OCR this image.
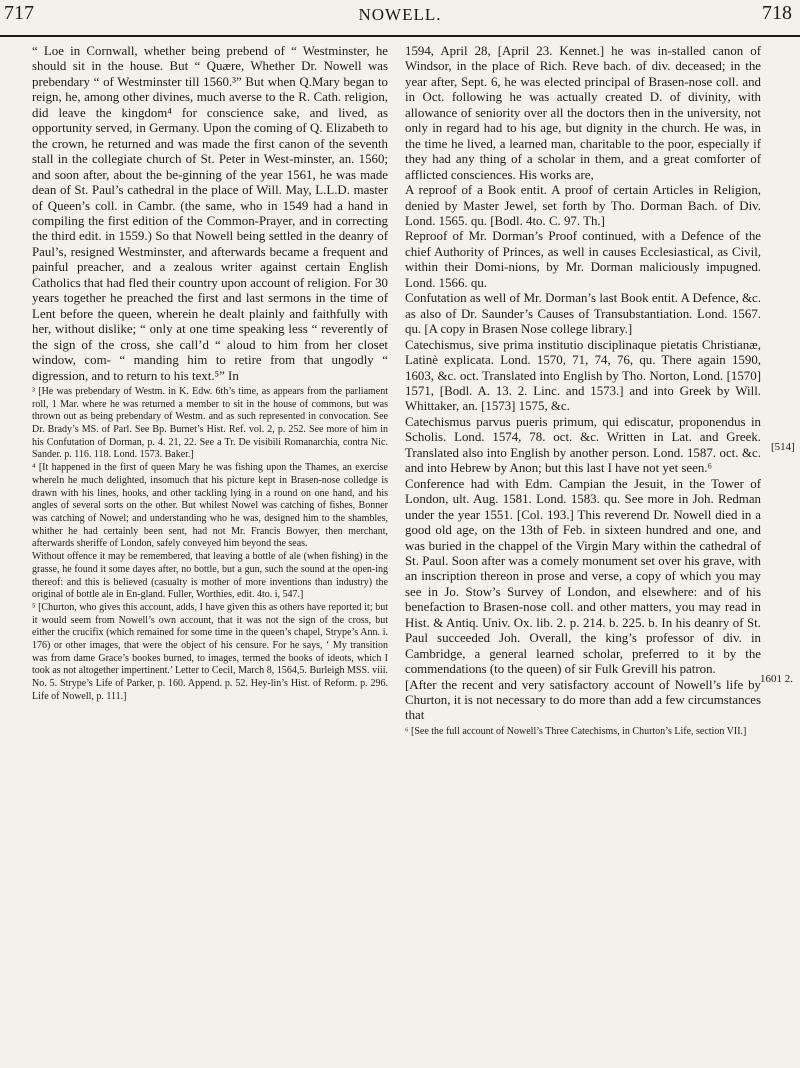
717	NOWELL.	718
[514]
1601 2.

“ Loe in Cornwall, whether being prebend of “ Westminster, he should sit in the house. But “ Quære, Whether Dr. Nowell was prebendary “ of Westminster till 1560.³” But when Q.Mary began to reign, he, among other divines, much averse to the R. Cath. religion, did leave the kingdom⁴ for conscience sake, and lived, as opportunity served, in Germany. Upon the coming of Q. Elizabeth to the crown, he returned and was made the first canon of the seventh stall in the collegiate church of St. Peter in West-minster, an. 1560; and soon after, about the be-ginning of the year 1561, he was made dean of St. Paul’s cathedral in the place of Will. May, L.L.D. master of Queen’s coll. in Cambr. (the same, who in 1549 had a hand in compiling the first edition of the Common-Prayer, and in correcting the third edit. in 1559.) So that Nowell being settled in the deanry of Paul’s, resigned Westminster, and afterwards became a frequent and painful preacher, and a zealous writer against certain English Catholics that had fled their country upon account of religion. For 30 years together he preached the first and last sermons in the time of Lent before the queen, wherein he dealt plainly and faithfully with her, without dislike; “ only at one time speaking less “ reverently of the sign of the cross, she call’d “ aloud to him from her closet window, com- “ manding him to retire from that ungodly “ digression, and to return to his text.⁵” In

³ [He was prebendary of Westm. in K. Edw. 6th’s time, as appears from the parliament roll, 1 Mar. where he was returned a member to sit in the house of commons, but was thrown out as being prebendary of Westm. and as such represented in convocation. See Dr. Brady’s MS. of Parl. See Bp. Burnet’s Hist. Ref. vol. 2, p. 252. See more of him in his Confutation of Dorman, p. 4. 21, 22. See a Tr. De visibili Romanarchia, contra Nic. Sander. p. 116. 118. Lond. 1573. Baker.]

⁴ [It happened in the first of queen Mary he was fishing upon the Thames, an exercise whereln he much delighted, insomuch that his picture kept in Brasen-nose colledge is drawn with his lines, hooks, and other tackling lying in a round on one hand, and his angles of several sorts on the other. But whilest Nowel was catching of fishes, Bonner was catching of Nowel; and understanding who he was, designed him to the shambles, whither he had certainly been sent, had not Mr. Francis Bowyer, then merchant, afterwards sheriffe of London, safely conveyed him beyond the seas.

Without offence it may be remembered, that leaving a bottle of ale (when fishing) in the grasse, he found it some dayes after, no bottle, but a gun, such the sound at the open-ing thereof: and this is believed (casualty is mother of more inventions than industry) the original of bottle ale in En-gland. Fuller, Worthies, edit. 4to. i, 547.]

⁵ [Churton, who gives this account, adds, I have given this as others have reported it; but it would seem from Nowell’s own account, that it was not the sign of the cross, but either the crucifix (which remained for some time in the queen’s chapel, Strype’s Ann. i. 176) or other images, that were the object of his censure. For he says, ‘ My transition was from dame Grace’s bookes burned, to images, termed the books of ideots, which I took as not altogether impertinent.’ Letter to Cecil, March 8, 1564,5. Burleigh MSS. viii. No. 5. Strype’s Life of Parker, p. 160. Append. p. 52. Hey-lin’s Hist. of Reform. p. 296. Life of Nowell, p. 111.]

1594, April 28, [April 23. Kennet.] he was in-stalled canon of Windsor, in the place of Rich. Reve bach. of div. deceased; in the year after, Sept. 6, he was elected principal of Brasen-nose coll. and in Oct. following he was actually created D. of divinity, with allowance of seniority over all the doctors then in the university, not only in regard had to his age, but dignity in the church. He was, in the time he lived, a learned man, charitable to the poor, especially if they had any thing of a scholar in them, and a great comforter of afflicted consciences. His works are,

A reproof of a Book entit. A proof of certain Articles in Religion, denied by Master Jewel, set forth by Tho. Dorman Bach. of Div. Lond. 1565. qu. [Bodl. 4to. C. 97. Th.]

Reproof of Mr. Dorman’s Proof continued, with a Defence of the chief Authority of Princes, as well in causes Ecclesiastical, as Civil, within their Domi-nions, by Mr. Dorman maliciously impugned. Lond. 1566. qu.

Confutation as well of Mr. Dorman’s last Book entit. A Defence, &c. as also of Dr. Saunder’s Causes of Transubstantiation. Lond. 1567. qu. [A copy in Brasen Nose college library.]

Catechismus, sive prima institutio disciplinaque pietatis Christianæ, Latinè explicata. Lond. 1570, 71, 74, 76, qu. There again 1590, 1603, &c. oct. Translated into English by Tho. Norton, Lond. [1570] 1571, [Bodl. A. 13. 2. Linc. and 1573.] and into Greek by Will. Whittaker, an. [1573] 1575, &c.

Catechismus parvus pueris primum, qui ediscatur, proponendus in Scholis. Lond. 1574, 78. oct. &c. Written in Lat. and Greek. Translated also into English by another person. Lond. 1587. oct. &c. and into Hebrew by Anon; but this last I have not yet seen.⁶

Conference had with Edm. Campian the Jesuit, in the Tower of London, ult. Aug. 1581. Lond. 1583. qu. See more in Joh. Redman under the year 1551. [Col. 193.] This reverend Dr. Nowell died in a good old age, on the 13th of Feb. in sixteen hundred and one, and was buried in the chappel of the Virgin Mary within the cathedral of St. Paul. Soon after was a comely monument set over his grave, with an inscription thereon in prose and verse, a copy of which you may see in Jo. Stow’s Survey of London, and elsewhere: and of his benefaction to Brasen-nose coll. and other matters, you may read in Hist. & Antiq. Univ. Ox. lib. 2. p. 214. b. 225. b. In his deanry of St. Paul succeeded Joh. Overall, the king’s professor of div. in Cambridge, a general learned scholar, preferred to it by the commendations (to the queen) of sir Fulk Grevill his patron.

[After the recent and very satisfactory account of Nowell’s life by Churton, it is not necessary to do more than add a few circumstances that

⁶ [See the full account of Nowell’s Three Catechisms, in Churton’s Life, section VII.]
